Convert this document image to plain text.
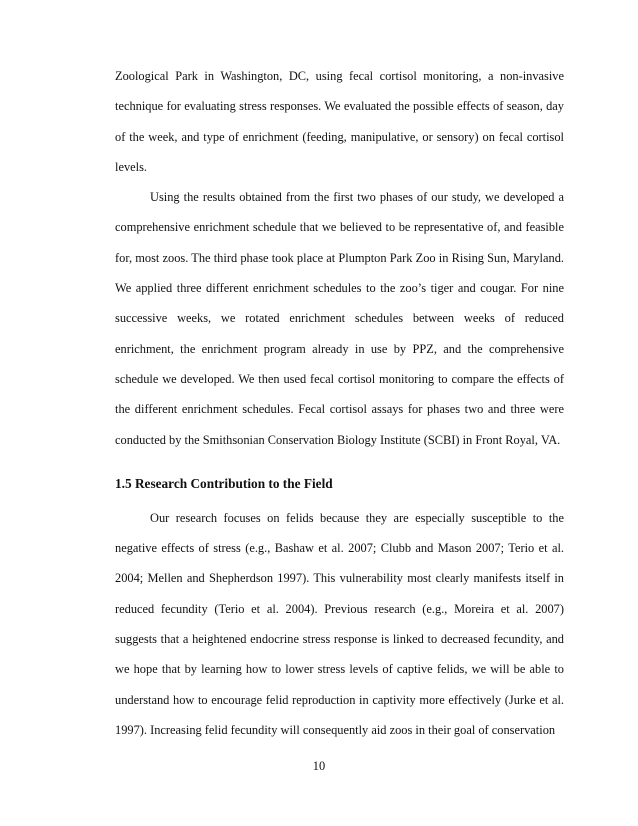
Zoological Park in Washington, DC, using fecal cortisol monitoring, a non-invasive technique for evaluating stress responses. We evaluated the possible effects of season, day of the week, and type of enrichment (feeding, manipulative, or sensory) on fecal cortisol levels.

Using the results obtained from the first two phases of our study, we developed a comprehensive enrichment schedule that we believed to be representative of, and feasible for, most zoos. The third phase took place at Plumpton Park Zoo in Rising Sun, Maryland. We applied three different enrichment schedules to the zoo’s tiger and cougar. For nine successive weeks, we rotated enrichment schedules between weeks of reduced enrichment, the enrichment program already in use by PPZ, and the comprehensive schedule we developed. We then used fecal cortisol monitoring to compare the effects of the different enrichment schedules. Fecal cortisol assays for phases two and three were conducted by the Smithsonian Conservation Biology Institute (SCBI) in Front Royal, VA.

1.5 Research Contribution to the Field

Our research focuses on felids because they are especially susceptible to the negative effects of stress (e.g., Bashaw et al. 2007; Clubb and Mason 2007; Terio et al. 2004; Mellen and Shepherdson 1997). This vulnerability most clearly manifests itself in reduced fecundity (Terio et al. 2004). Previous research (e.g., Moreira et al. 2007) suggests that a heightened endocrine stress response is linked to decreased fecundity, and we hope that by learning how to lower stress levels of captive felids, we will be able to understand how to encourage felid reproduction in captivity more effectively (Jurke et al. 1997). Increasing felid fecundity will consequently aid zoos in their goal of conservation

10
